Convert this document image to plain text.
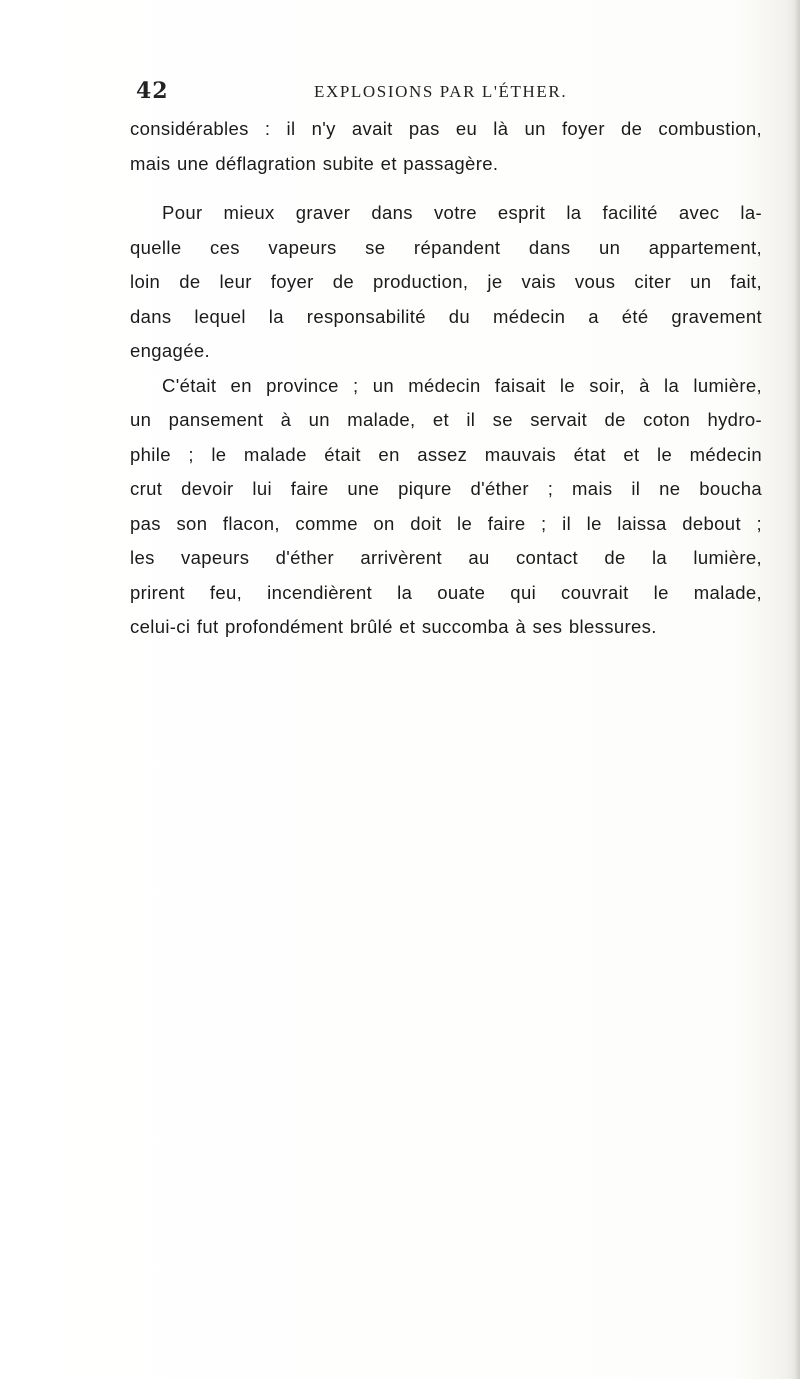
42	EXPLOSIONS PAR L'ÉTHER.

considérables : il n'y avait pas eu là un foyer de combustion,
mais une déflagration subite et passagère.

Pour mieux graver dans votre esprit la facilité avec la-
quelle ces vapeurs se répandent dans un appartement,
loin de leur foyer de production, je vais vous citer un fait,
dans lequel la responsabilité du médecin a été gravement
engagée.

C'était en province ; un médecin faisait le soir, à la lumière,
un pansement à un malade, et il se servait de coton hydro-
phile ; le malade était en assez mauvais état et le médecin
crut devoir lui faire une piqure d'éther ; mais il ne boucha
pas son flacon, comme on doit le faire ; il le laissa debout ;
les vapeurs d'éther arrivèrent au contact de la lumière,
prirent feu, incendièrent la ouate qui couvrait le malade,
celui-ci fut profondément brûlé et succomba à ses blessures.
